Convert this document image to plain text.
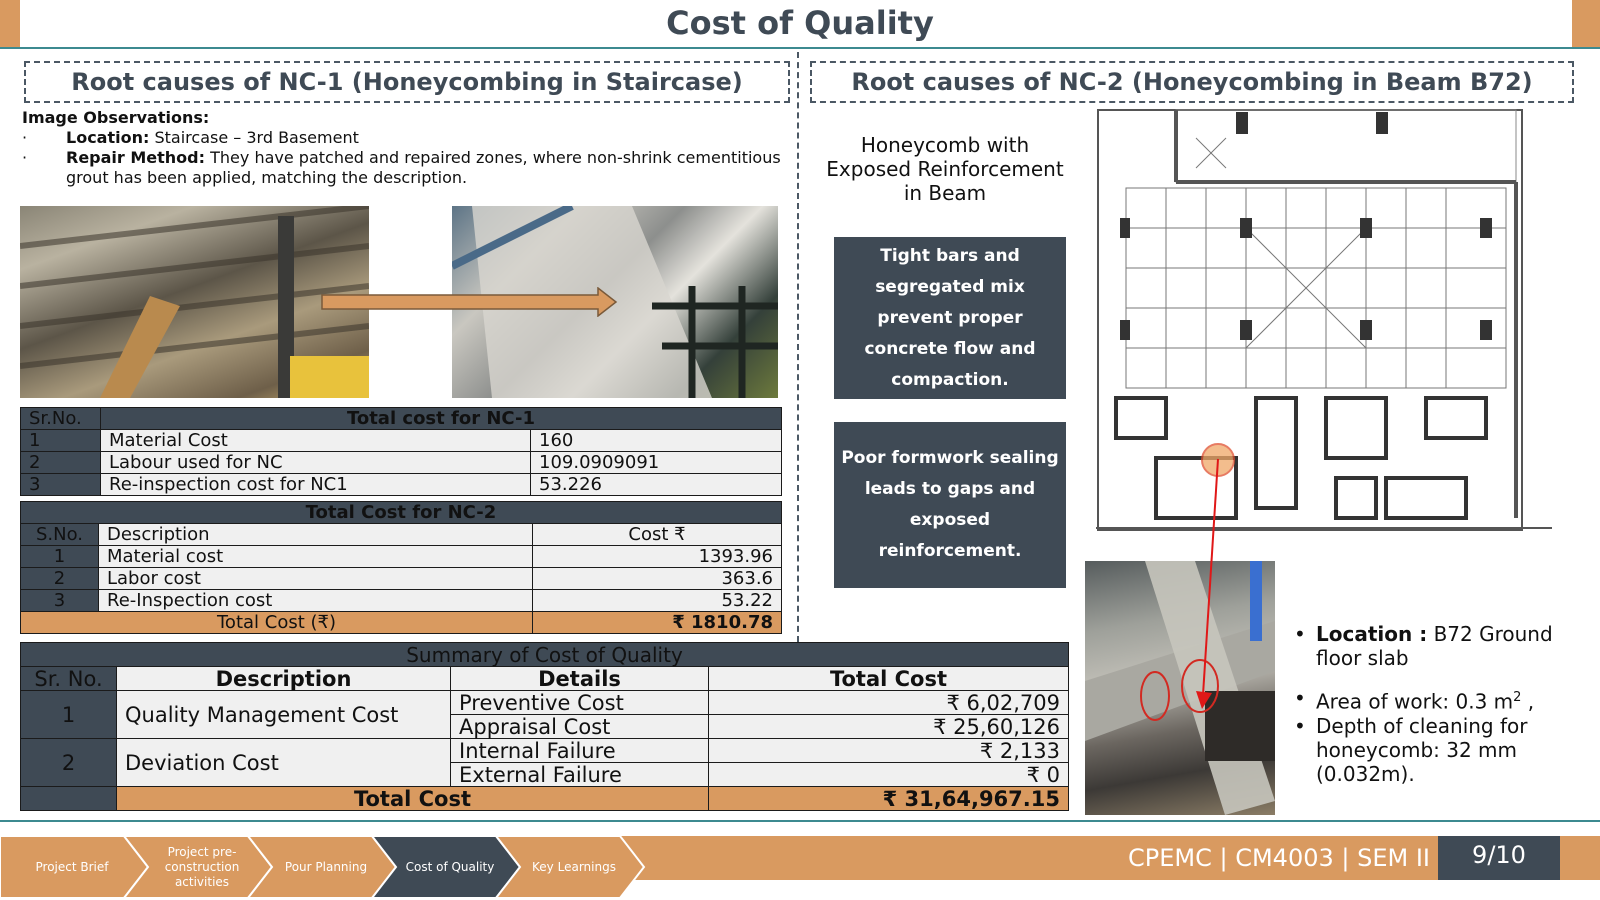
Cost of Quality
Root causes of NC-1 (Honeycombing in Staircase)	Root causes of NC-2 (Honeycombing in Beam B72)
Image Observations:
· Location: Staircase – 3rd Basement
· Repair Method: They have patched and repaired zones, where non-shrink cementitious grout has been applied, matching the description.
Sr.No.	Total cost for NC-1	
1	Material Cost	160
2	Labour used for NC	109.0909091
3	Re-inspection cost for NC1	53.226
Total Cost for NC-2		
S.No.	Description	Cost ₹
1	Material cost	1393.96
2	Labor cost	363.6
3	Re-Inspection cost	53.22
Total Cost (₹)		₹ 1810.78
Summary of Cost of Quality			
Sr. No.	Description	Details	Total Cost
1	Quality Management Cost	Preventive Cost	₹ 6,02,709
		Appraisal Cost	₹ 25,60,126
2	Deviation Cost	Internal Failure	₹ 2,133
		External Failure	₹ 0
	Total Cost		₹ 31,64,967.15
Honeycomb with Exposed Reinforcement in Beam
Tight bars and segregated mix prevent proper concrete flow and compaction.
Poor formwork sealing leads to gaps and exposed reinforcement.
• Location : B72 Ground floor slab
• Area of work: 0.3 $m^2$ ,
• Depth of cleaning for honeycomb: 32 mm (0.032m).
Project Brief
Project pre-construction activities
Pour Planning	Cost of Quality	Key Learnings	CPEMC | CM4003 | SEM II	9/10
